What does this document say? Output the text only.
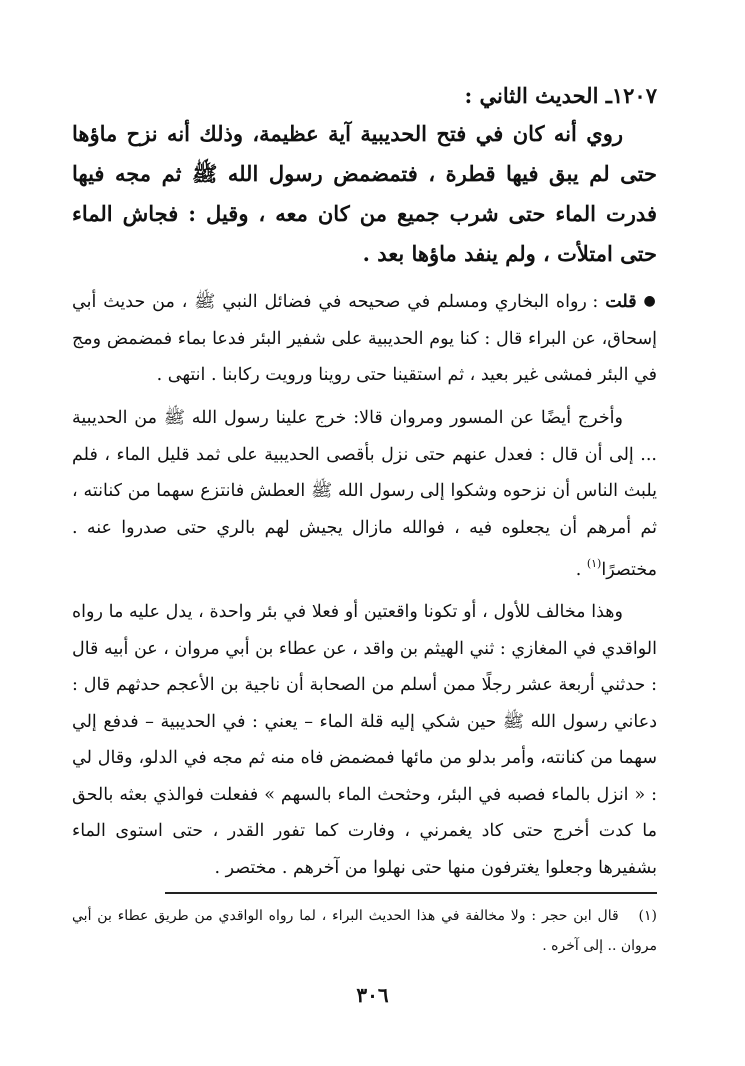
١٢٠٧ـ الحديث الثاني :

روي أنه كان في فتح الحديبية آية عظيمة، وذلك أنه نزح ماؤها حتى لم يبق فيها قطرة ، فتمضمض رسول الله ﷺ ثم مجه فيها فدرت الماء حتى شرب جميع من كان معه ، وقيل : فجاش الماء حتى امتلأت ، ولم ينفد ماؤها بعد .

● قلت : رواه البخاري ومسلم في صحيحه في فضائل النبي ﷺ ، من حديث أبي إسحاق، عن البراء قال : كنا يوم الحديبية على شفير البئر فدعا بماء فمضمض ومج في البئر فمشى غير بعيد ، ثم استقينا حتى روينا ورويت ركابنا . انتهى .

وأخرج أيضًا عن المسور ومروان قالا: خرج علينا رسول الله ﷺ من الحديبية ... إلى أن قال : فعدل عنهم حتى نزل بأقصى الحديبية على ثمد قليل الماء ، فلم يلبث الناس أن نزحوه وشكوا إلى رسول الله ﷺ العطش فانتزع سهما من كنانته ، ثم أمرهم أن يجعلوه فيه ، فوالله مازال يجيش لهم بالري حتى صدروا عنه . مختصرًا$^{(١)}$ .

وهذا مخالف للأول ، أو تكونا واقعتين أو فعلا في بئر واحدة ، يدل عليه ما رواه الواقدي في المغازي : ثني الهيثم بن واقد ، عن عطاء بن أبي مروان ، عن أبيه قال : حدثني أربعة عشر رجلًا ممن أسلم من الصحابة أن ناجية بن الأعجم حدثهم قال : دعاني رسول الله ﷺ حين شكي إليه قلة الماء – يعني : في الحديبية – فدفع إلي سهما من كنانته، وأمر بدلو من مائها فمضمض فاه منه ثم مجه في الدلو، وقال لي : « انزل بالماء فصبه في البئر، وحثحث الماء بالسهم » ففعلت فوالذي بعثه بالحق ما كدت أخرج حتى كاد يغمرني ، وفارت كما تفور القدر ، حتى استوى الماء بشفيرها وجعلوا يغترفون منها حتى نهلوا من آخرهم . مختصر .

(١) قال ابن حجر : ولا مخالفة في هذا الحديث البراء ، لما رواه الواقدي من طريق عطاء بن أبي مروان .. إلى آخره .
٣٠٦
